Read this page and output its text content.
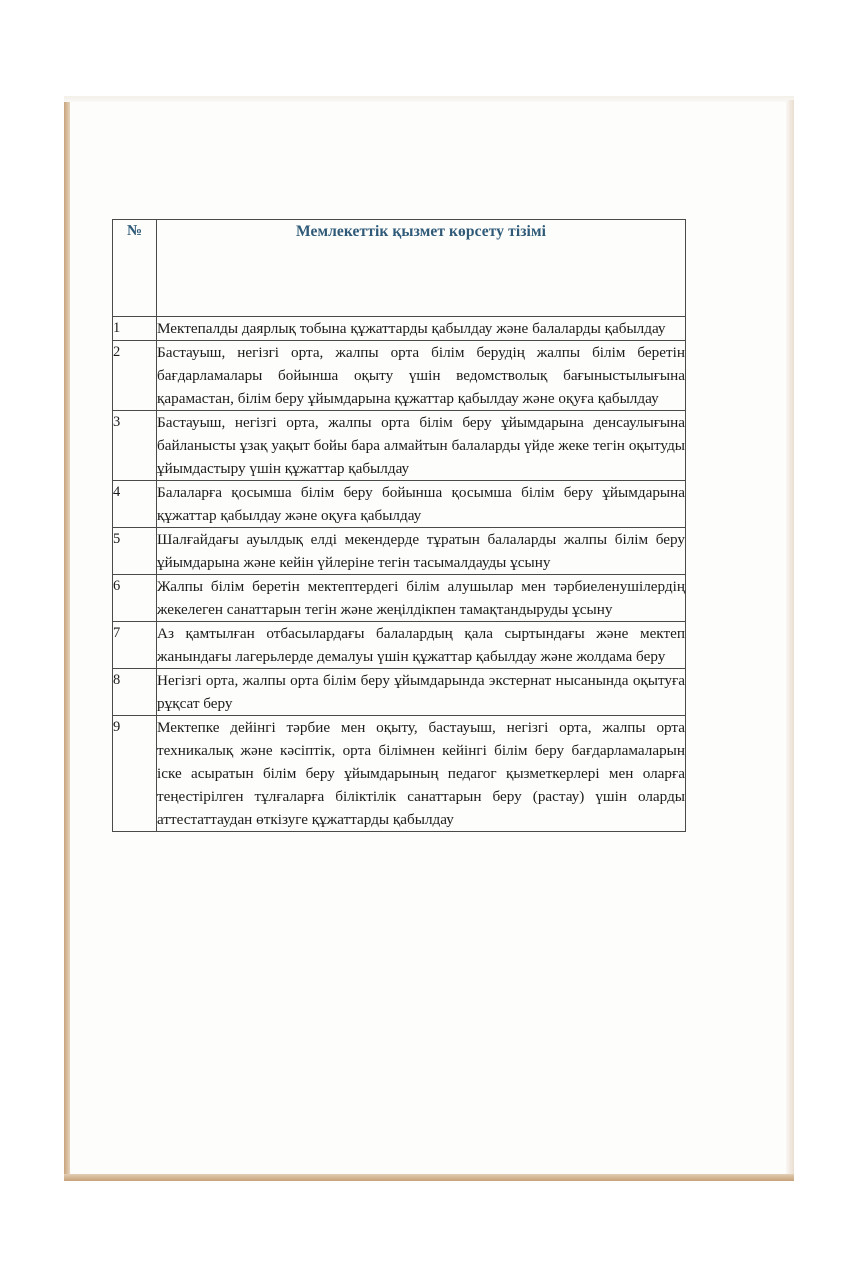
№	Мемлекеттік қызмет көрсету тізімі
1	Мектепалды даярлық тобына құжаттарды қабылдау және балаларды қабылдау
2	Бастауыш, негізгі орта, жалпы орта білім берудің жалпы білім беретін бағдарламалары бойынша оқыту үшін ведомстволық бағыныстылығына қарамастан, білім беру ұйымдарына құжаттар қабылдау және оқуға қабылдау
3	Бастауыш, негізгі орта, жалпы орта білім беру ұйымдарына денсаулығына байланысты ұзақ уақыт бойы бара алмайтын балаларды үйде жеке тегін оқытуды ұйымдастыру үшін құжаттар қабылдау
4	Балаларға қосымша білім беру бойынша қосымша білім беру ұйымдарына құжаттар қабылдау және оқуға қабылдау
5	Шалғайдағы ауылдық елді мекендерде тұратын балаларды жалпы білім беру ұйымдарына және кейін үйлеріне тегін тасымалдауды ұсыну
6	Жалпы білім беретін мектептердегі білім алушылар мен тәрбиеленушілердің жекелеген санаттарын тегін және жеңілдікпен тамақтандыруды ұсыну
7	Аз қамтылған отбасылардағы балалардың қала сыртындағы және мектеп жанындағы лагерьлерде демалуы үшін құжаттар қабылдау және жолдама беру
8	Негізгі орта, жалпы орта білім беру ұйымдарында экстернат нысанында оқытуға рұқсат беру
9	Мектепке дейінгі тәрбие мен оқыту, бастауыш, негізгі орта, жалпы орта техникалық және кәсіптік, орта білімнен кейінгі білім беру бағдарламаларын іске асыратын білім беру ұйымдарының педагог қызметкерлері мен оларға теңестірілген тұлғаларға біліктілік санаттарын беру (растау) үшін оларды аттестаттаудан өткізуге құжаттарды қабылдау
